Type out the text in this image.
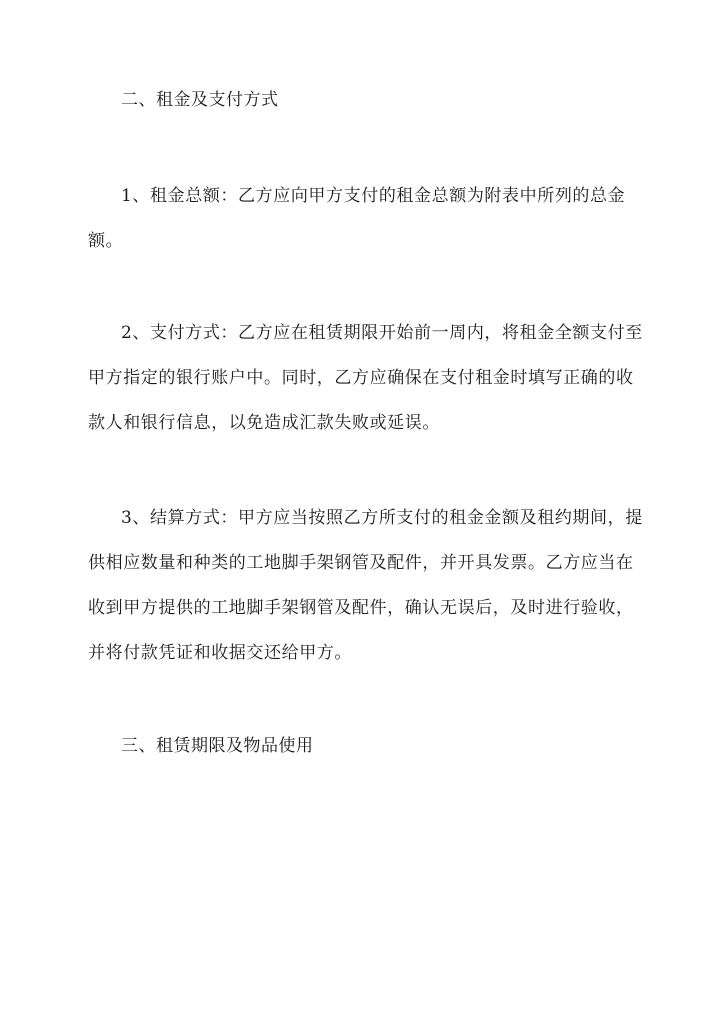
二、租金及支付方式

1、租金总额：乙方应向甲方支付的租金总额为附表中所列的总金额。

2、支付方式：乙方应在租赁期限开始前一周内，将租金全额支付至甲方指定的银行账户中。同时，乙方应确保在支付租金时填写正确的收款人和银行信息，以免造成汇款失败或延误。

3、结算方式：甲方应当按照乙方所支付的租金金额及租约期间，提供相应数量和种类的工地脚手架钢管及配件，并开具发票。乙方应当在收到甲方提供的工地脚手架钢管及配件，确认无误后，及时进行验收，并将付款凭证和收据交还给甲方。

三、租赁期限及物品使用
